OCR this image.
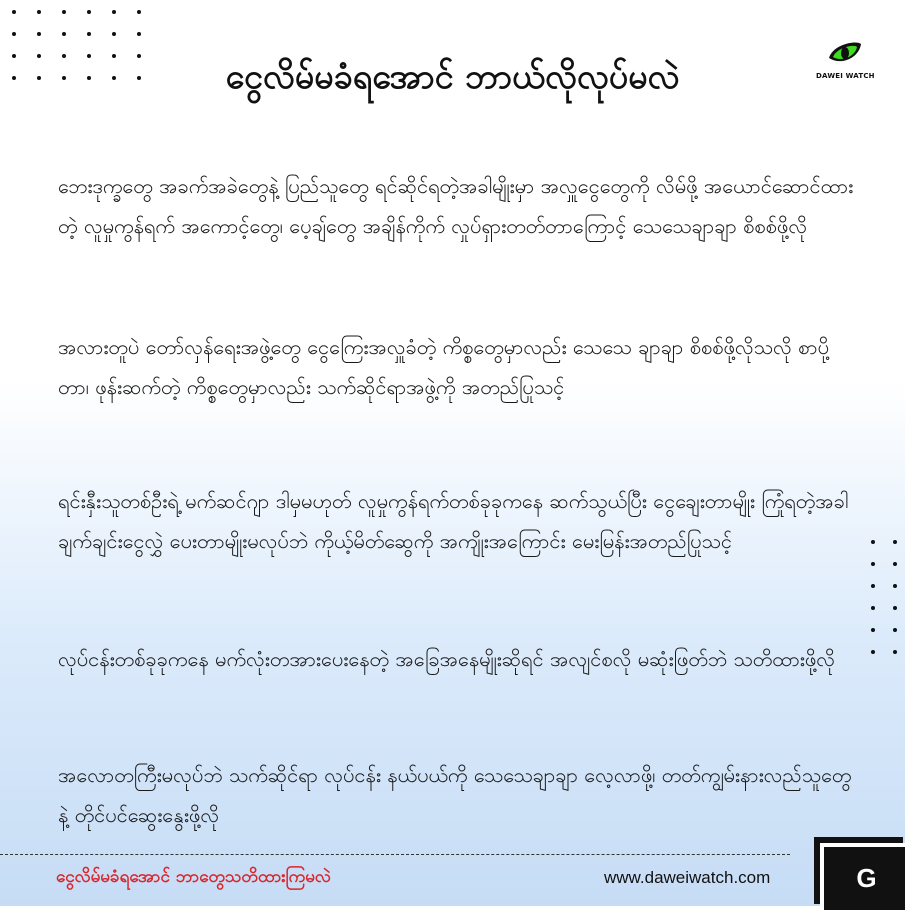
ငွေလိမ်မခံရအောင် ဘာယ်လိုလုပ်မလဲ	DAWEI WATCH
ဘေးဒုက္ခတွေ အခက်အခဲတွေနဲ့ ပြည်သူတွေ ရင်ဆိုင်ရတဲ့အခါမျိုးမှာ အလှူငွေတွေကို လိမ်ဖို့ အယောင်ဆောင်ထားတဲ့ လူမှုကွန်ရက် အကောင့်တွေ၊ ပေ့ချ်တွေ အချိန်ကိုက် လှုပ်ရှားတတ်တာကြောင့် သေသေချာချာ စိစစ်ဖို့လို
အလားတူပဲ တော်လှန်ရေးအဖွဲ့တွေ ငွေကြေးအလှူခံတဲ့ ကိစ္စတွေမှာလည်း သေသေ ချာချာ စိစစ်ဖို့လိုသလို စာပို့တာ၊ ဖုန်းဆက်တဲ့ ကိစ္စတွေမှာလည်း သက်ဆိုင်ရာအဖွဲ့ကို အတည်ပြုသင့်
ရင်းနှီးသူတစ်ဦးရဲ့ မက်ဆင်ဂျာ ဒါမှမဟုတ် လူမှုကွန်ရက်တစ်ခုခုကနေ ဆက်သွယ်ပြီး ငွေချေးတာမျိုး ကြုံရတဲ့အခါ ချက်ချင်းငွေလွှဲ ပေးတာမျိုးမလုပ်ဘဲ ကိုယ့်မိတ်ဆွေကို အကျိုးအကြောင်း မေးမြန်းအတည်ပြုသင့်
လုပ်ငန်းတစ်ခုခုကနေ မက်လုံးတအားပေးနေတဲ့ အခြေအနေမျိုးဆိုရင် အလျင်စလို မဆုံးဖြတ်ဘဲ သတိထားဖို့လို
အလောတကြီးမလုပ်ဘဲ သက်ဆိုင်ရာ လုပ်ငန်း နယ်ပယ်ကို သေသေချာချာ လေ့လာဖို့၊ တတ်ကျွမ်းနားလည်သူတွေနဲ့ တိုင်ပင်ဆွေးနွေးဖို့လို
ငွေလိမ်မခံရအောင် ဘာတွေသတိထားကြမလဲ	www.daweiwatch.com	G
